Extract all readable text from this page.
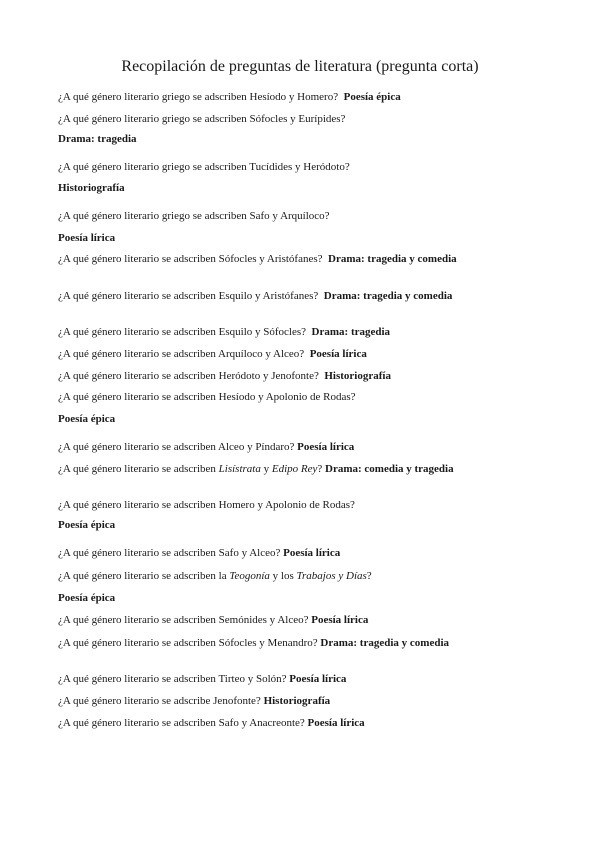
Recopilación de preguntas de literatura (pregunta corta)

¿A qué género literario griego se adscriben Hesíodo y Homero? Poesía épica

¿A qué género literario griego se adscriben Sófocles y Eurípides?

Drama: tragedia

¿A qué género literario griego se adscriben Tucídides y Heródoto?

Historiografía

¿A qué género literario griego se adscriben Safo y Arquíloco?

Poesía lírica

¿A qué género literario se adscriben Sófocles y Aristófanes? Drama: tragedia y comedia

¿A qué género literario se adscriben Esquilo y Aristófanes? Drama: tragedia y comedia

¿A qué género literario se adscriben Esquilo y Sófocles? Drama: tragedia

¿A qué género literario se adscriben Arquíloco y Alceo? Poesía lírica

¿A qué género literario se adscriben Heródoto y Jenofonte? Historiografía

¿A qué género literario se adscriben Hesíodo y Apolonio de Rodas?

Poesía épica

¿A qué género literario se adscriben Alceo y Píndaro? Poesía lírica

¿A qué género literario se adscriben Lisístrata y Edipo Rey? Drama: comedia y tragedia

¿A qué género literario se adscriben Homero y Apolonio de Rodas?

Poesía épica

¿A qué género literario se adscriben Safo y Alceo? Poesía lírica

¿A qué género literario se adscriben la Teogonía y los Trabajos y Días?

Poesía épica

¿A qué género literario se adscriben Semónides y Alceo? Poesía lírica

¿A qué género literario se adscriben Sófocles y Menandro? Drama: tragedia y comedia

¿A qué género literario se adscriben Tirteo y Solón? Poesía lírica

¿A qué género literario se adscribe Jenofonte? Historiografía

¿A qué género literario se adscriben Safo y Anacreonte? Poesía lírica
